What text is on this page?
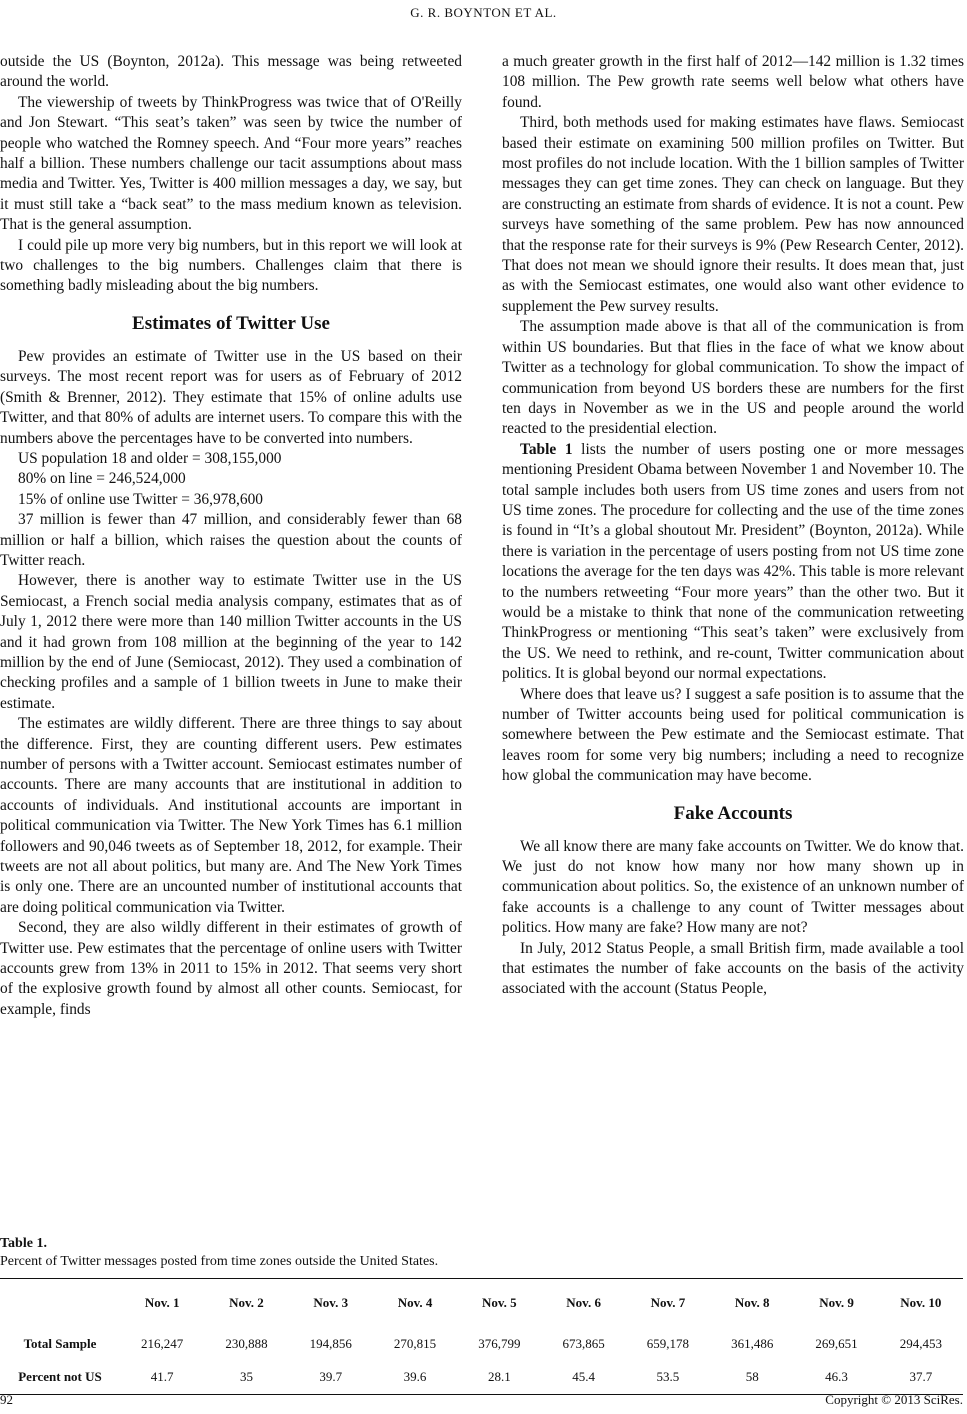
G. R. BOYNTON ET AL.

outside the US (Boynton, 2012a). This message was being retweeted around the world.

The viewership of tweets by ThinkProgress was twice that of O'Reilly and Jon Stewart. “This seat’s taken” was seen by twice the number of people who watched the Romney speech. And “Four more years” reaches half a billion. These numbers challenge our tacit assumptions about mass media and Twitter. Yes, Twitter is 400 million messages a day, we say, but it must still take a “back seat” to the mass medium known as television. That is the general assumption.

I could pile up more very big numbers, but in this report we will look at two challenges to the big numbers. Challenges claim that there is something badly misleading about the big numbers.

Estimates of Twitter Use

Pew provides an estimate of Twitter use in the US based on their surveys. The most recent report was for users as of February of 2012 (Smith & Brenner, 2012). They estimate that 15% of online adults use Twitter, and that 80% of adults are internet users. To compare this with the numbers above the percentages have to be converted into numbers.

US population 18 and older = 308,155,000

80% on line = 246,524,000

15% of online use Twitter = 36,978,600

37 million is fewer than 47 million, and considerably fewer than 68 million or half a billion, which raises the question about the counts of Twitter reach.

However, there is another way to estimate Twitter use in the US Semiocast, a French social media analysis company, estimates that as of July 1, 2012 there were more than 140 million Twitter accounts in the US and it had grown from 108 million at the beginning of the year to 142 million by the end of June (Semiocast, 2012). They used a combination of checking profiles and a sample of 1 billion tweets in June to make their estimate.

The estimates are wildly different. There are three things to say about the difference. First, they are counting different users. Pew estimates number of persons with a Twitter account. Semiocast estimates number of accounts. There are many accounts that are institutional in addition to accounts of individuals. And institutional accounts are important in political communication via Twitter. The New York Times has 6.1 million followers and 90,046 tweets as of September 18, 2012, for example. Their tweets are not all about politics, but many are. And The New York Times is only one. There are an uncounted number of institutional accounts that are doing political communication via Twitter.

Second, they are also wildly different in their estimates of growth of Twitter use. Pew estimates that the percentage of online users with Twitter accounts grew from 13% in 2011 to 15% in 2012. That seems very short of the explosive growth found by almost all other counts. Semiocast, for example, finds

a much greater growth in the first half of 2012—142 million is 1.32 times 108 million. The Pew growth rate seems well below what others have found.

Third, both methods used for making estimates have flaws. Semiocast based their estimate on examining 500 million profiles on Twitter. But most profiles do not include location. With the 1 billion samples of Twitter messages they can get time zones. They can check on language. But they are constructing an estimate from shards of evidence. It is not a count. Pew surveys have something of the same problem. Pew has now announced that the response rate for their surveys is 9% (Pew Research Center, 2012). That does not mean we should ignore their results. It does mean that, just as with the Semiocast estimates, one would also want other evidence to supplement the Pew survey results.

The assumption made above is that all of the communication is from within US boundaries. But that flies in the face of what we know about Twitter as a technology for global communication. To show the impact of communication from beyond US borders these are numbers for the first ten days in November as we in the US and people around the world reacted to the presidential election.

Table 1 lists the number of users posting one or more messages mentioning President Obama between November 1 and November 10. The total sample includes both users from US time zones and users from not US time zones. The procedure for collecting and the use of the time zones is found in “It’s a global shoutout Mr. President” (Boynton, 2012a). While there is variation in the percentage of users posting from not US time zone locations the average for the ten days was 42%. This table is more relevant to the numbers retweeting “Four more years” than the other two. But it would be a mistake to think that none of the communication retweeting ThinkProgress or mentioning “This seat’s taken” were exclusively from the US. We need to rethink, and re-count, Twitter communication about politics. It is global beyond our normal expectations.

Where does that leave us? I suggest a safe position is to assume that the number of Twitter accounts being used for political communication is somewhere between the Pew estimate and the Semiocast estimate. That leaves room for some very big numbers; including a need to recognize how global the communication may have become.

Fake Accounts

We all know there are many fake accounts on Twitter. We do know that. We just do not know how many nor how many shown up in communication about politics. So, the existence of an unknown number of fake accounts is a challenge to any count of Twitter messages about politics. How many are fake? How many are not?

In July, 2012 Status People, a small British firm, made available a tool that estimates the number of fake accounts on the basis of the activity associated with the account (Status People,

Table 1.
Percent of Twitter messages posted from time zones outside the United States.
	Nov. 1	Nov. 2	Nov. 3	Nov. 4	Nov. 5	Nov. 6	Nov. 7	Nov. 8	Nov. 9	Nov. 10
Total Sample	216,247	230,888	194,856	270,815	376,799	673,865	659,178	361,486	269,651	294,453
Percent not US	41.7	35	39.7	39.6	28.1	45.4	53.5	58	46.3	37.7
92	Copyright © 2013 SciRes.
